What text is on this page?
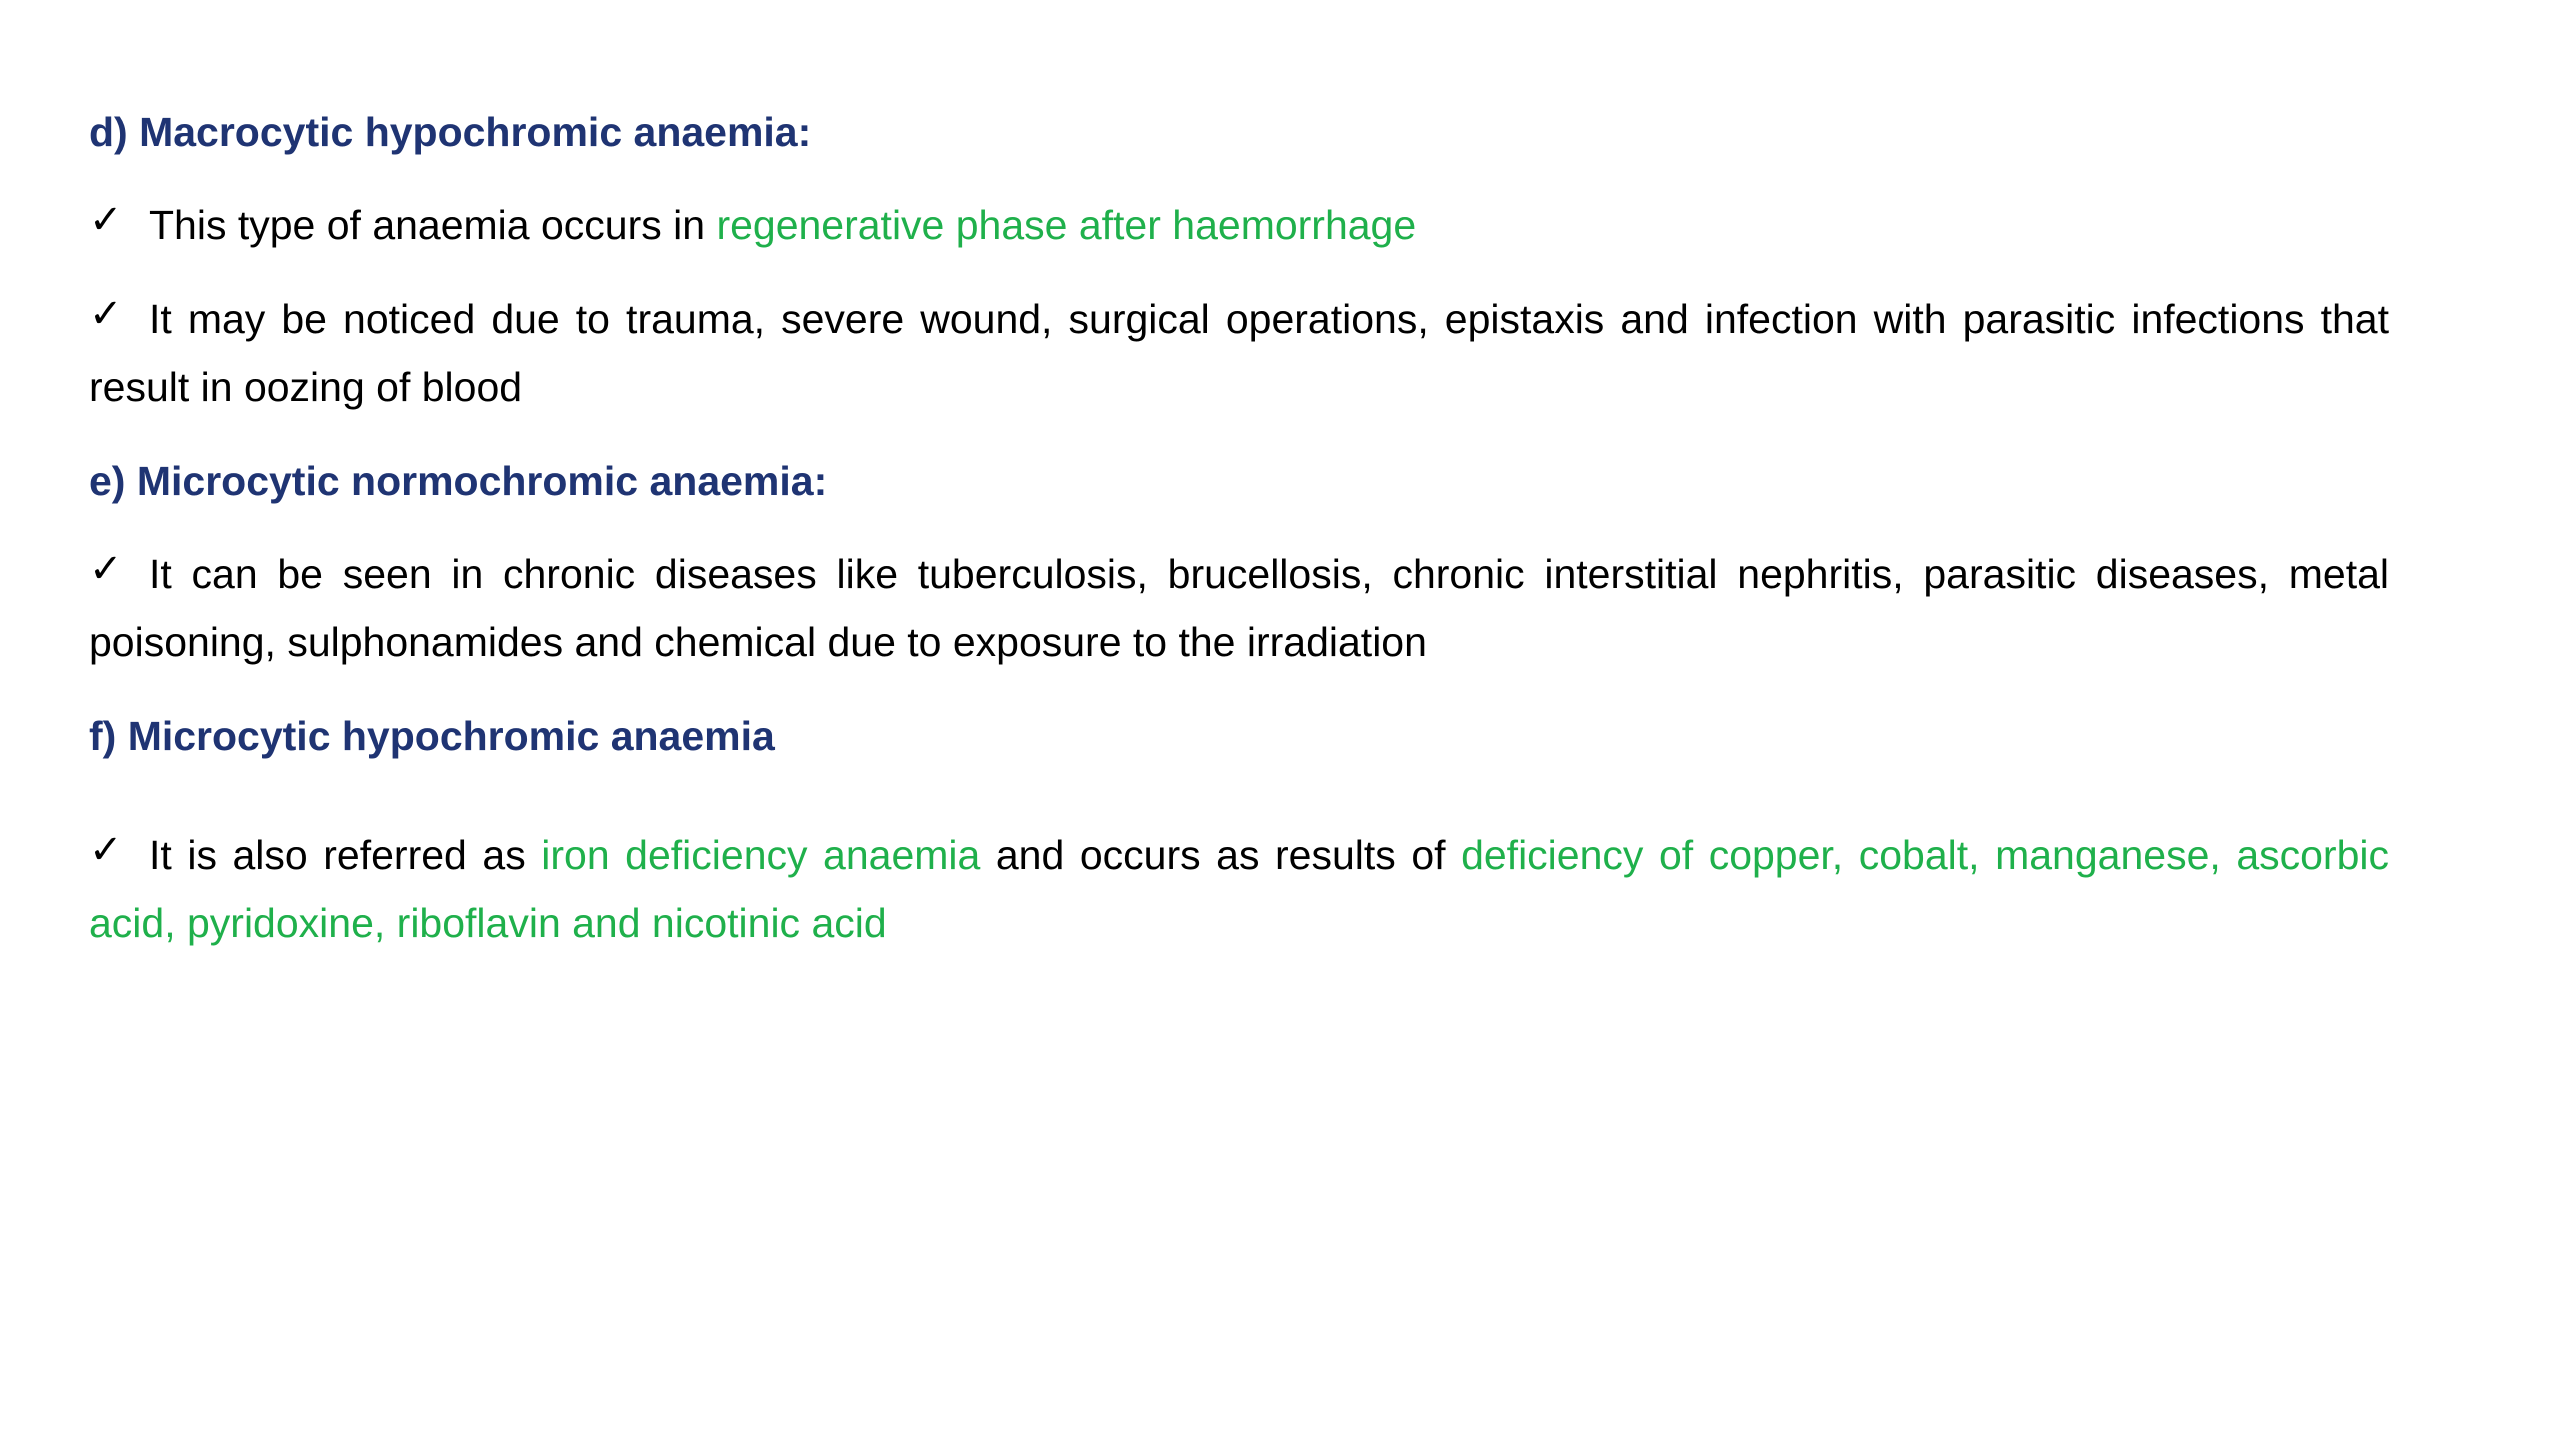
d) Macrocytic hypochromic anaemia:

✓ This type of anaemia occurs in regenerative phase after haemorrhage

✓ It may be noticed due to trauma, severe wound, surgical operations, epistaxis and infection with parasitic infections that result in oozing of blood

e) Microcytic normochromic anaemia:

✓ It can be seen in chronic diseases like tuberculosis, brucellosis, chronic interstitial nephritis, parasitic diseases, metal poisoning, sulphonamides and chemical due to exposure to the irradiation

f) Microcytic hypochromic anaemia

✓ It is also referred as iron deficiency anaemia and occurs as results of deficiency of copper, cobalt, manganese, ascorbic acid, pyridoxine, riboflavin and nicotinic acid
